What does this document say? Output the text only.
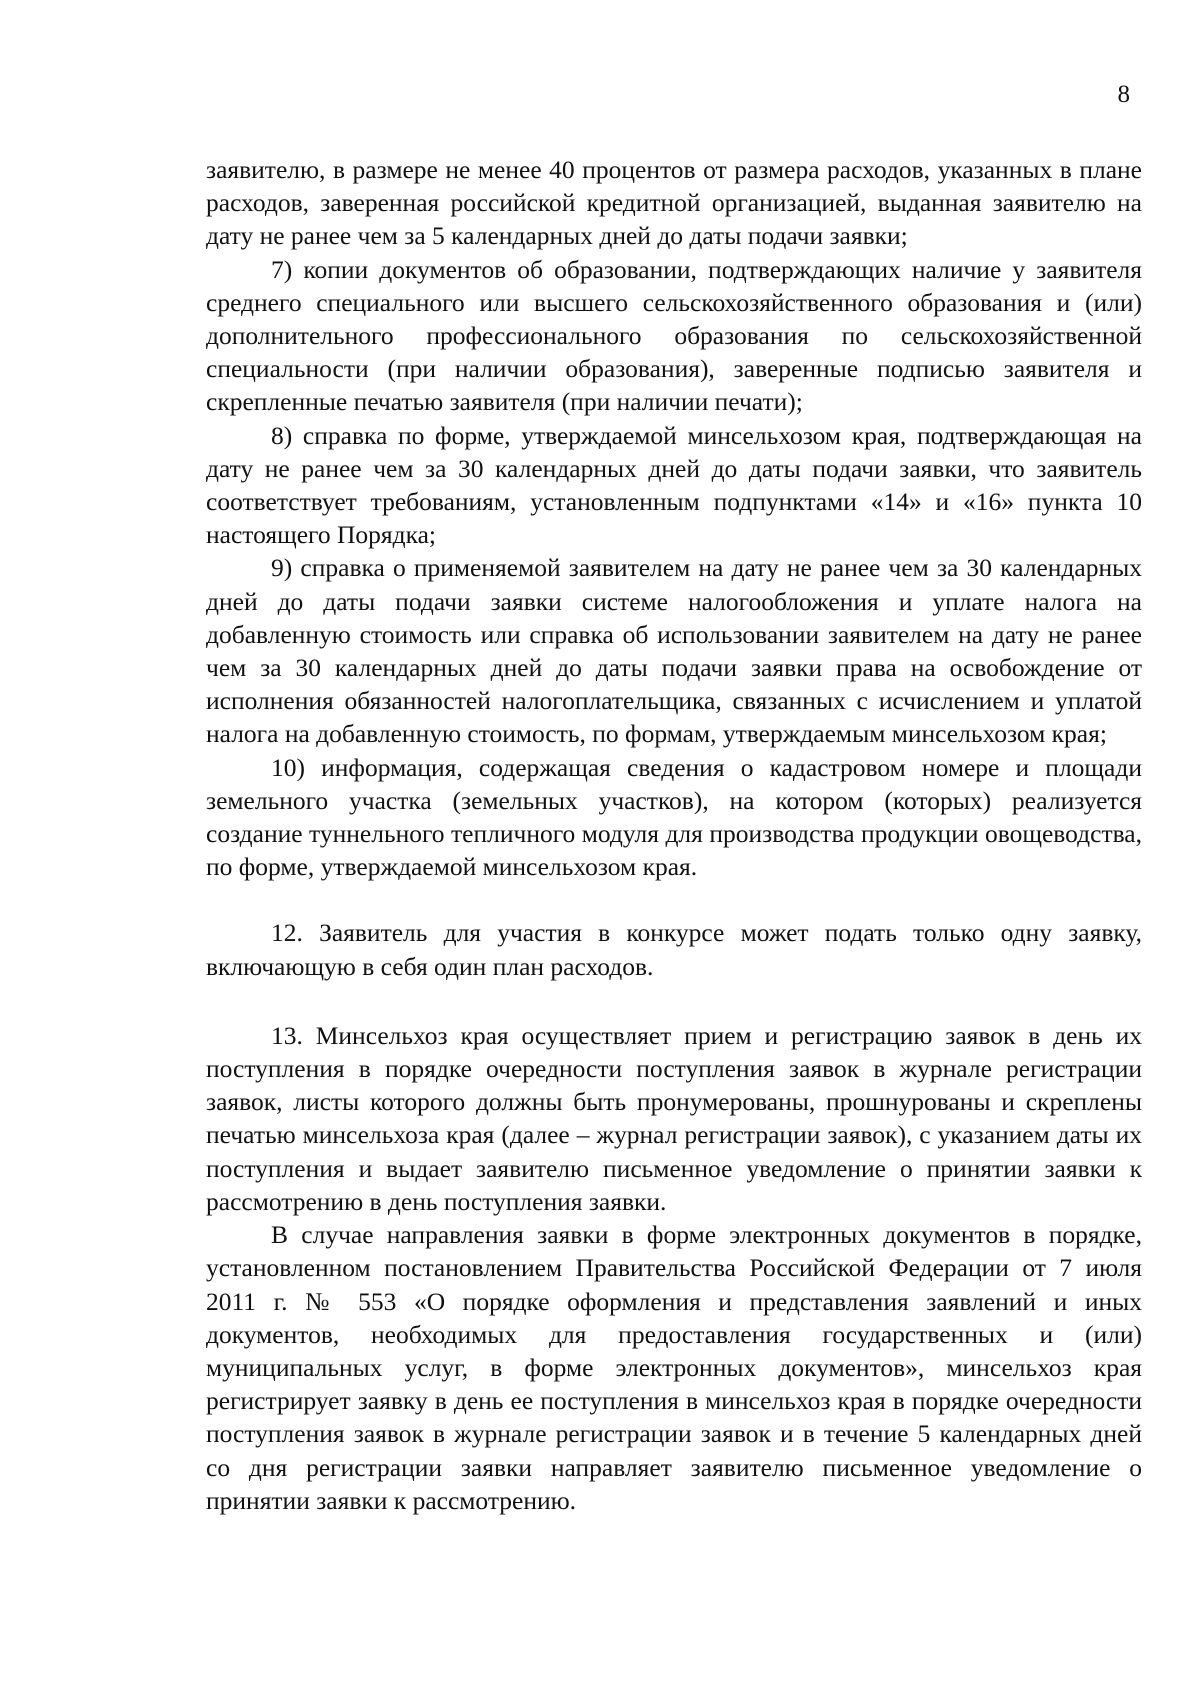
8

заявителю, в размере не менее 40 процентов от размера расходов, указанных в плане расходов, заверенная российской кредитной организацией, выданная заявителю на дату не ранее чем за 5 календарных дней до даты подачи заявки;

7) копии документов об образовании, подтверждающих наличие у заявителя среднего специального или высшего сельскохозяйственного образования и (или) дополнительного профессионального образования по сельскохозяйственной специальности (при наличии образования), заверенные подписью заявителя и скрепленные печатью заявителя (при наличии печати);

8) справка по форме, утверждаемой минсельхозом края, подтверждающая на дату не ранее чем за 30 календарных дней до даты подачи заявки, что заявитель соответствует требованиям, установленным подпунктами «14» и «16» пункта 10 настоящего Порядка;

9) справка о применяемой заявителем на дату не ранее чем за 30 календарных дней до даты подачи заявки системе налогообложения и уплате налога на добавленную стоимость или справка об использовании заявителем на дату не ранее чем за 30 календарных дней до даты подачи заявки права на освобождение от исполнения обязанностей налогоплательщика, связанных с исчислением и уплатой налога на добавленную стоимость, по формам, утверждаемым минсельхозом края;

10) информация, содержащая сведения о кадастровом номере и площади земельного участка (земельных участков), на котором (которых) реализуется создание туннельного тепличного модуля для производства продукции овощеводства, по форме, утверждаемой минсельхозом края.

12. Заявитель для участия в конкурсе может подать только одну заявку, включающую в себя один план расходов.

13. Минсельхоз края осуществляет прием и регистрацию заявок в день их поступления в порядке очередности поступления заявок в журнале регистрации заявок, листы которого должны быть пронумерованы, прошнурованы и скреплены печатью минсельхоза края (далее – журнал регистрации заявок), с указанием даты их поступления и выдает заявителю письменное уведомление о принятии заявки к рассмотрению в день поступления заявки.

В случае направления заявки в форме электронных документов в порядке, установленном постановлением Правительства Российской Федерации от 7 июля 2011 г. № 553 «О порядке оформления и представления заявлений и иных документов, необходимых для предоставления государственных и (или) муниципальных услуг, в форме электронных документов», минсельхоз края регистрирует заявку в день ее поступления в минсельхоз края в порядке очередности поступления заявок в журнале регистрации заявок и в течение 5 календарных дней со дня регистрации заявки направляет заявителю письменное уведомление о принятии заявки к рассмотрению.
